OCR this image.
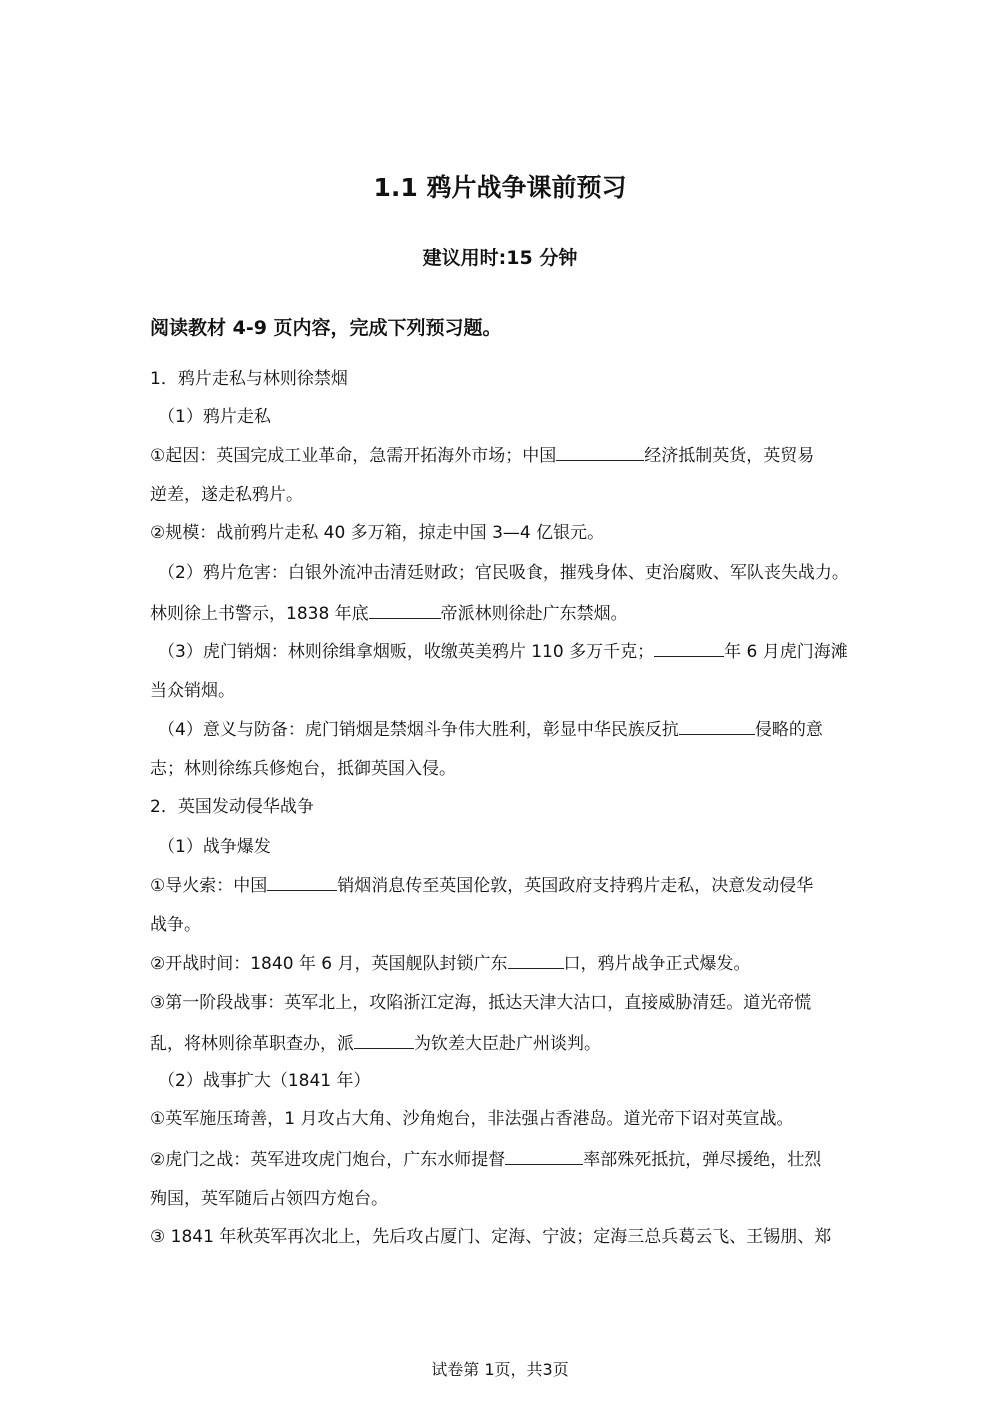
1.1 鸦片战争课前预习
建议用时:15 分钟
阅读教材 4-9 页内容，完成下列预习题。
1．鸦片走私与林则徐禁烟
（1）鸦片走私
①起因：英国完成工业革命，急需开拓海外市场；中国	经济抵制英货，英贸易
逆差，遂走私鸦片。
②规模：战前鸦片走私 40 多万箱，掠走中国 3—4 亿银元。
（2）鸦片危害：白银外流冲击清廷财政；官民吸食，摧残身体、吏治腐败、军队丧失战力。
林则徐上书警示，1838 年底	帝派林则徐赴广东禁烟。
（3）虎门销烟：林则徐缉拿烟贩，收缴英美鸦片 110 多万千克；	年 6 月虎门海滩
当众销烟。
（4）意义与防备：虎门销烟是禁烟斗争伟大胜利，彰显中华民族反抗	侵略的意
志；林则徐练兵修炮台，抵御英国入侵。
2．英国发动侵华战争
（1）战争爆发
①导火索：中国	销烟消息传至英国伦敦，英国政府支持鸦片走私，决意发动侵华
战争。
②开战时间：1840 年 6 月，英国舰队封锁广东	口，鸦片战争正式爆发。
③第一阶段战事：英军北上，攻陷浙江定海，抵达天津大沽口，直接威胁清廷。道光帝慌
乱，将林则徐革职查办，派	为钦差大臣赴广州谈判。
（2）战事扩大（1841 年）
①英军施压琦善，1 月攻占大角、沙角炮台，非法强占香港岛。道光帝下诏对英宣战。
②虎门之战：英军进攻虎门炮台，广东水师提督	率部殊死抵抗，弹尽援绝，壮烈
殉国，英军随后占领四方炮台。
③ 1841 年秋英军再次北上，先后攻占厦门、定海、宁波；定海三总兵葛云飞、王锡朋、郑
试卷第 1页，共3页
